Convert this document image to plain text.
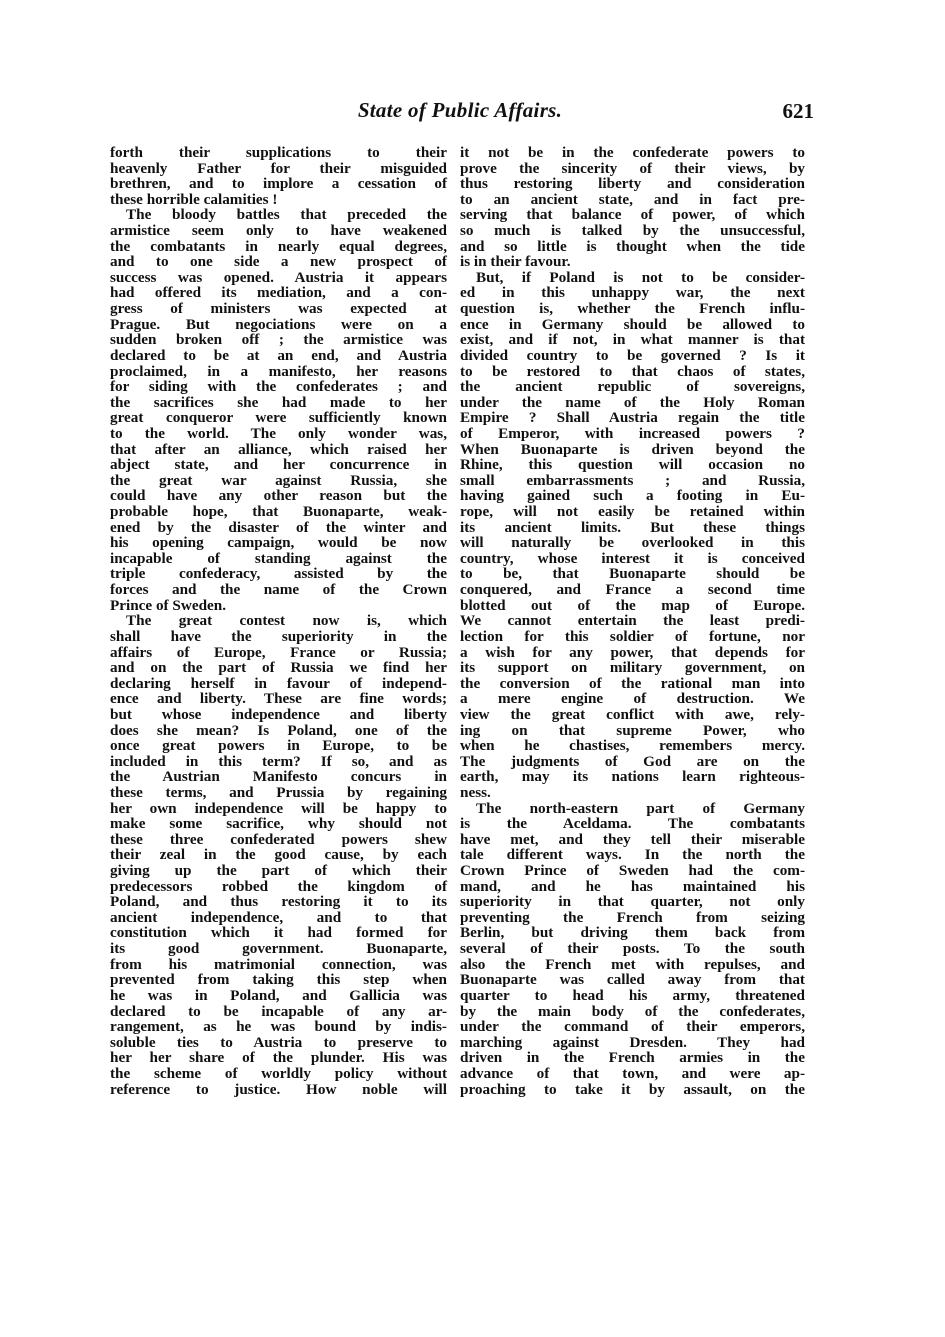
State of Public Affairs.	621
forth their supplications to their
heavenly Father for their misguided
brethren, and to implore a cessation of
these horrible calamities !
The bloody battles that preceded the
armistice seem only to have weakened
the combatants in nearly equal degrees,
and to one side a new prospect of
success was opened. Austria it appears
had offered its mediation, and a con-
gress of ministers was expected at
Prague. But negociations were on a
sudden broken off ; the armistice was
declared to be at an end, and Austria
proclaimed, in a manifesto, her reasons
for siding with the confederates ; and
the sacrifices she had made to her
great conqueror were sufficiently known
to the world. The only wonder was,
that after an alliance, which raised her
abject state, and her concurrence in
the great war against Russia, she
could have any other reason but the
probable hope, that Buonaparte, weak-
ened by the disaster of the winter and
his opening campaign, would be now
incapable of standing against the
triple confederacy, assisted by the
forces and the name of the Crown
Prince of Sweden.
The great contest now is, which
shall have the superiority in the
affairs of Europe, France or Russia;
and on the part of Russia we find her
declaring herself in favour of independ-
ence and liberty. These are fine words;
but whose independence and liberty
does she mean? Is Poland, one of the
once great powers in Europe, to be
included in this term? If so, and as
the Austrian Manifesto concurs in
these terms, and Prussia by regaining
her own independence will be happy to
make some sacrifice, why should not
these three confederated powers shew
their zeal in the good cause, by each
giving up the part of which their
predecessors robbed the kingdom of
Poland, and thus restoring it to its
ancient independence, and to that
constitution which it had formed for
its good government. Buonaparte,
from his matrimonial connection, was
prevented from taking this step when
he was in Poland, and Gallicia was
declared to be incapable of any ar-
rangement, as he was bound by indis-
soluble ties to Austria to preserve to
her her share of the plunder. His was
the scheme of worldly policy without
reference to justice. How noble will
it not be in the confederate powers to
prove the sincerity of their views, by
thus restoring liberty and consideration
to an ancient state, and in fact pre-
serving that balance of power, of which
so much is talked by the unsuccessful,
and so little is thought when the tide
is in their favour.
But, if Poland is not to be consider-
ed in this unhappy war, the next
question is, whether the French influ-
ence in Germany should be allowed to
exist, and if not, in what manner is that
divided country to be governed ? Is it
to be restored to that chaos of states,
the ancient republic of sovereigns,
under the name of the Holy Roman
Empire ? Shall Austria regain the title
of Emperor, with increased powers ?
When Buonaparte is driven beyond the
Rhine, this question will occasion no
small embarrassments ; and Russia,
having gained such a footing in Eu-
rope, will not easily be retained within
its ancient limits. But these things
will naturally be overlooked in this
country, whose interest it is conceived
to be, that Buonaparte should be
conquered, and France a second time
blotted out of the map of Europe.
We cannot entertain the least predi-
lection for this soldier of fortune, nor
a wish for any power, that depends for
its support on military government, on
the conversion of the rational man into
a mere engine of destruction. We
view the great conflict with awe, rely-
ing on that supreme Power, who
when he chastises, remembers mercy.
The judgments of God are on the
earth, may its nations learn righteous-
ness.
The north-eastern part of Germany
is the Aceldama. The combatants
have met, and they tell their miserable
tale different ways. In the north the
Crown Prince of Sweden had the com-
mand, and he has maintained his
superiority in that quarter, not only
preventing the French from seizing
Berlin, but driving them back from
several of their posts. To the south
also the French met with repulses, and
Buonaparte was called away from that
quarter to head his army, threatened
by the main body of the confederates,
under the command of their emperors,
marching against Dresden. They had
driven in the French armies in the
advance of that town, and were ap-
proaching to take it by assault, on the
